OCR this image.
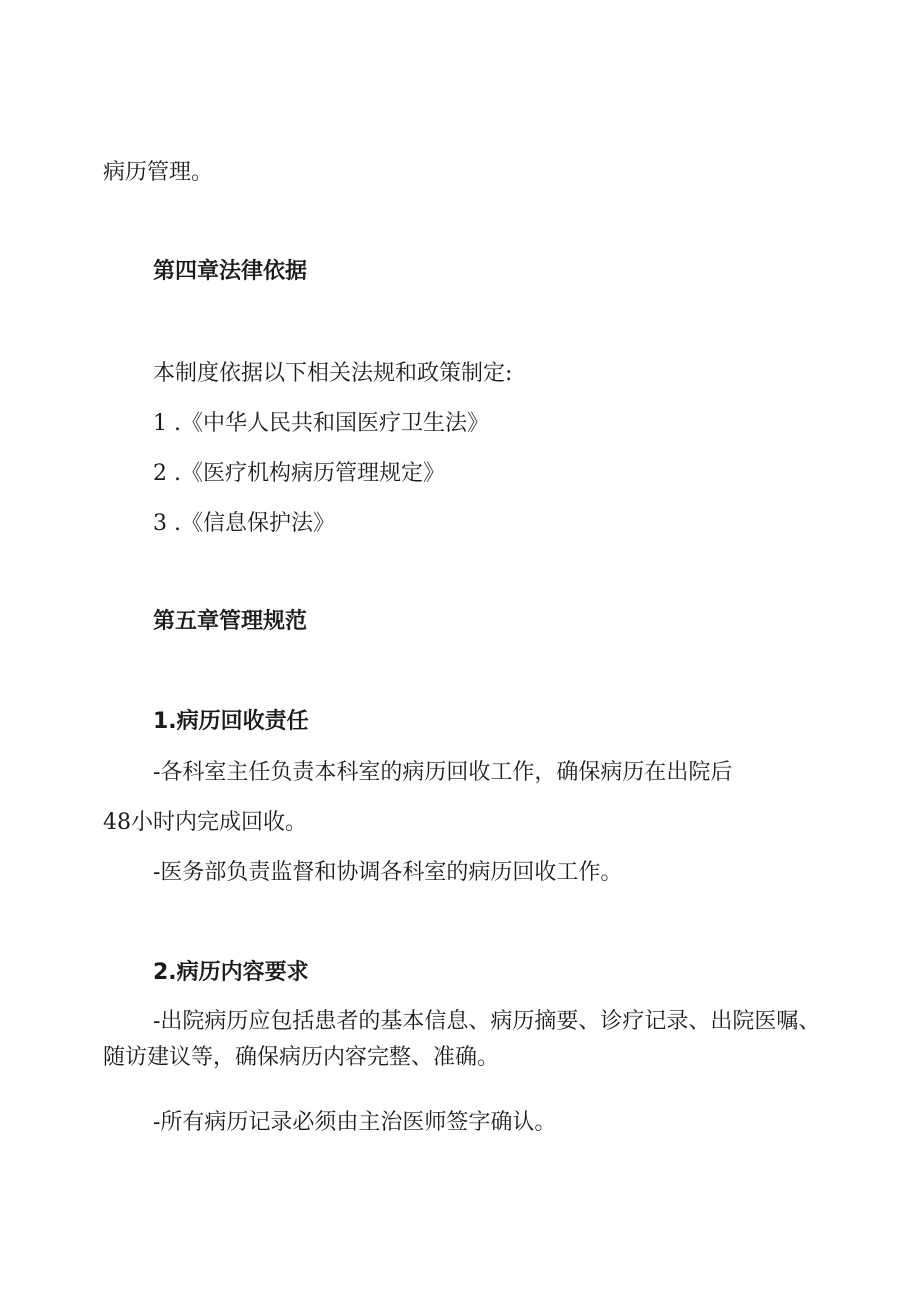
病历管理。

第四章法律依据

本制度依据以下相关法规和政策制定:

1 .《中华人民共和国医疗卫生法》

2 .《医疗机构病历管理规定》

3 .《信息保护法》

第五章管理规范

1.病历回收责任

-各科室主任负责本科室的病历回收工作，确保病历在出院后

48小时内完成回收。

-医务部负责监督和协调各科室的病历回收工作。

2.病历内容要求

-出院病历应包括患者的基本信息、病历摘要、诊疗记录、出院医嘱、随访建议等，确保病历内容完整、准确。

-所有病历记录必须由主治医师签字确认。
